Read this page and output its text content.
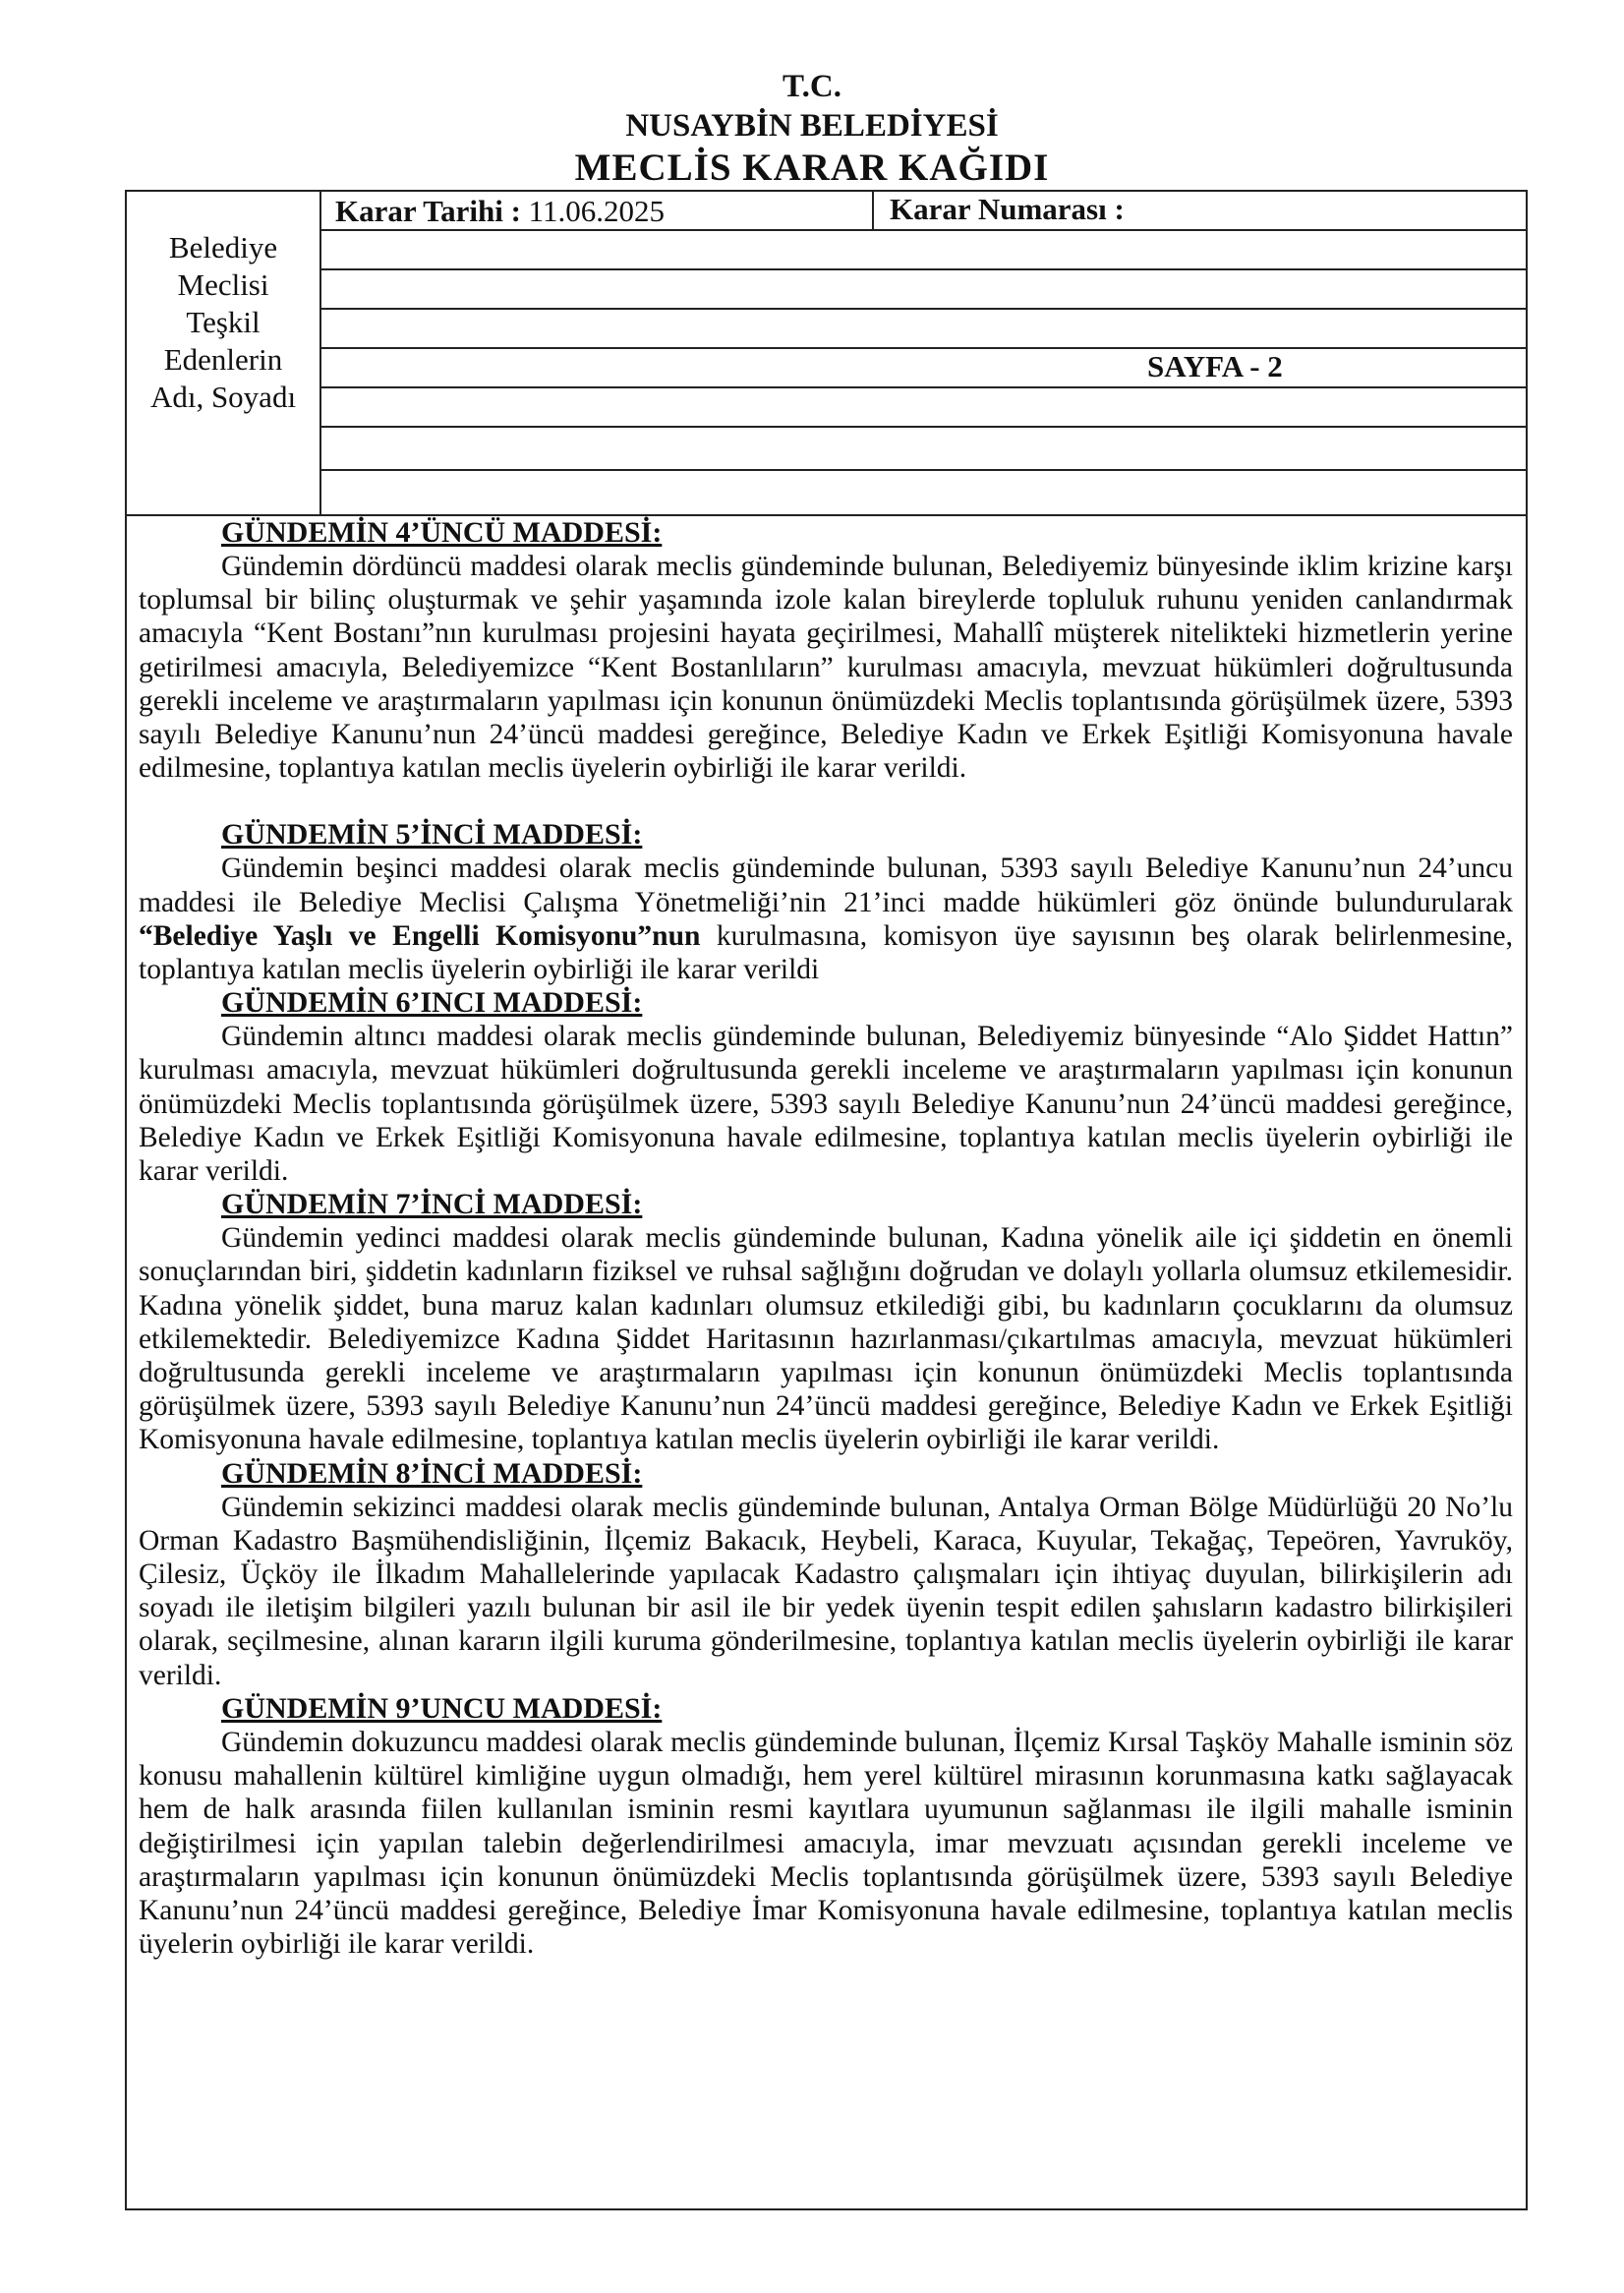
T.C.
NUSAYBİN BELEDİYESİ
MECLİS KARAR KAĞIDI
Belediye
Meclisi
Teşkil
Edenlerin
Adı, Soyadı
Karar Tarihi : 11.06.2025	Karar Numarası :
SAYFA - 2
GÜNDEMİN 4’ÜNCÜ MADDESİ:

Gündemin dördüncü maddesi olarak meclis gündeminde bulunan, Belediyemiz bünyesinde iklim krizine karşı toplumsal bir bilinç oluşturmak ve şehir yaşamında izole kalan bireylerde topluluk ruhunu yeniden canlandırmak amacıyla “Kent Bostanı”nın kurulması projesini hayata geçirilmesi, Mahallî müşterek nitelikteki hizmetlerin yerine getirilmesi amacıyla, Belediyemizce “Kent Bostanlıların” kurulması amacıyla, mevzuat hükümleri doğrultusunda gerekli inceleme ve araştırmaların yapılması için konunun önümüzdeki Meclis toplantısında görüşülmek üzere, 5393 sayılı Belediye Kanunu’nun 24’üncü maddesi gereğince, Belediye Kadın ve Erkek Eşitliği Komisyonuna havale edilmesine, toplantıya katılan meclis üyelerin oybirliği ile karar verildi.

GÜNDEMİN 5’İNCİ MADDESİ:

Gündemin beşinci maddesi olarak meclis gündeminde bulunan, 5393 sayılı Belediye Kanunu’nun 24’uncu maddesi ile Belediye Meclisi Çalışma Yönetmeliği’nin 21’inci madde hükümleri göz önünde bulundurularak “Belediye Yaşlı ve Engelli Komisyonu”nun kurulmasına, komisyon üye sayısının beş olarak belirlenmesine, toplantıya katılan meclis üyelerin oybirliği ile karar verildi

GÜNDEMİN 6’INCI MADDESİ:

Gündemin altıncı maddesi olarak meclis gündeminde bulunan, Belediyemiz bünyesinde “Alo Şiddet Hattın” kurulması amacıyla, mevzuat hükümleri doğrultusunda gerekli inceleme ve araştırmaların yapılması için konunun önümüzdeki Meclis toplantısında görüşülmek üzere, 5393 sayılı Belediye Kanunu’nun 24’üncü maddesi gereğince, Belediye Kadın ve Erkek Eşitliği Komisyonuna havale edilmesine, toplantıya katılan meclis üyelerin oybirliği ile karar verildi.

GÜNDEMİN 7’İNCİ MADDESİ:

Gündemin yedinci maddesi olarak meclis gündeminde bulunan, Kadına yönelik aile içi şiddetin en önemli sonuçlarından biri, şiddetin kadınların fiziksel ve ruhsal sağlığını doğrudan ve dolaylı yollarla olumsuz etkilemesidir. Kadına yönelik şiddet, buna maruz kalan kadınları olumsuz etkilediği gibi, bu kadınların çocuklarını da olumsuz etkilemektedir. Belediyemizce Kadına Şiddet Haritasının hazırlanması/çıkartılmas amacıyla, mevzuat hükümleri doğrultusunda gerekli inceleme ve araştırmaların yapılması için konunun önümüzdeki Meclis toplantısında görüşülmek üzere, 5393 sayılı Belediye Kanunu’nun 24’üncü maddesi gereğince, Belediye Kadın ve Erkek Eşitliği Komisyonuna havale edilmesine, toplantıya katılan meclis üyelerin oybirliği ile karar verildi.

GÜNDEMİN 8’İNCİ MADDESİ:

Gündemin sekizinci maddesi olarak meclis gündeminde bulunan, Antalya Orman Bölge Müdürlüğü 20 No’lu Orman Kadastro Başmühendisliğinin, İlçemiz Bakacık, Heybeli, Karaca, Kuyular, Tekağaç, Tepeören, Yavruköy, Çilesiz, Üçköy ile İlkadım Mahallelerinde yapılacak Kadastro çalışmaları için ihtiyaç duyulan, bilirkişilerin adı soyadı ile iletişim bilgileri yazılı bulunan bir asil ile bir yedek üyenin tespit edilen şahısların kadastro bilirkişileri olarak, seçilmesine, alınan kararın ilgili kuruma gönderilmesine, toplantıya katılan meclis üyelerin oybirliği ile karar verildi.

GÜNDEMİN 9’UNCU MADDESİ:

Gündemin dokuzuncu maddesi olarak meclis gündeminde bulunan, İlçemiz Kırsal Taşköy Mahalle isminin söz konusu mahallenin kültürel kimliğine uygun olmadığı, hem yerel kültürel mirasının korunmasına katkı sağlayacak hem de halk arasında fiilen kullanılan isminin resmi kayıtlara uyumunun sağlanması ile ilgili mahalle isminin değiştirilmesi için yapılan talebin değerlendirilmesi amacıyla, imar mevzuatı açısından gerekli inceleme ve araştırmaların yapılması için konunun önümüzdeki Meclis toplantısında görüşülmek üzere, 5393 sayılı Belediye Kanunu’nun 24’üncü maddesi gereğince, Belediye İmar Komisyonuna havale edilmesine, toplantıya katılan meclis üyelerin oybirliği ile karar verildi.
